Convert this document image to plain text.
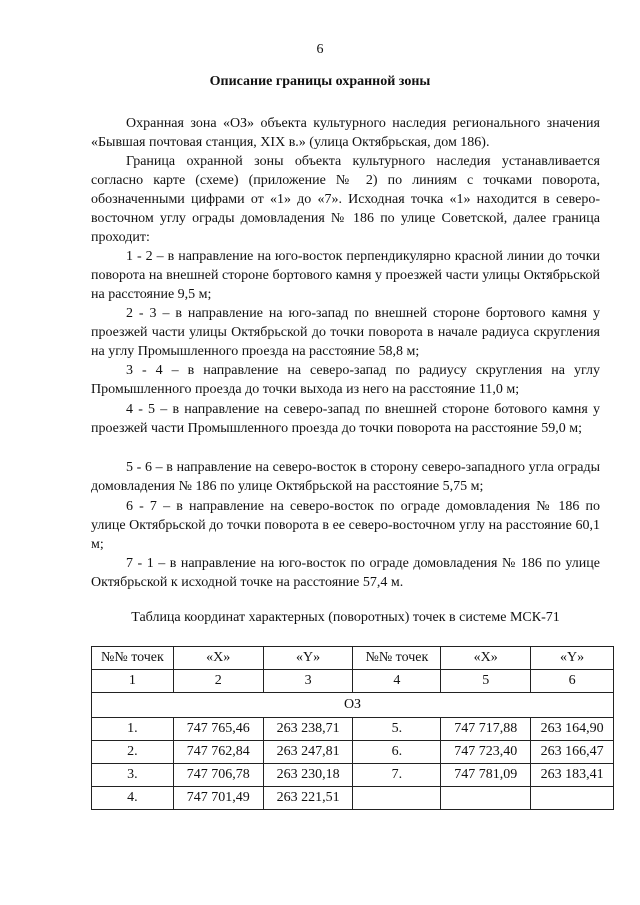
6
Описание границы охранной зоны

Охранная зона «ОЗ» объекта культурного наследия регионального значения «Бывшая почтовая станция, XIX в.» (улица Октябрьская, дом 186).

Граница охранной зоны объекта культурного наследия устанавливается согласно карте (схеме) (приложение № 2) по линиям с точками поворота, обозначенными цифрами от «1» до «7». Исходная точка «1» находится в северо-восточном углу ограды домовладения № 186 по улице Советской, далее граница проходит:

1 - 2 – в направление на юго-восток перпендикулярно красной линии до точки поворота на внешней стороне бортового камня у проезжей части улицы Октябрьской на расстояние 9,5 м;

2 - 3 – в направление на юго-запад по внешней стороне бортового камня у проезжей части улицы Октябрьской до точки поворота в начале радиуса скругления на углу Промышленного проезда на расстояние 58,8 м;

3 - 4 – в направление на северо-запад по радиусу скругления на углу Промышленного проезда до точки выхода из него на расстояние 11,0 м;

4 - 5 – в направление на северо-запад по внешней стороне ботового камня у проезжей части Промышленного проезда до точки поворота на расстояние 59,0 м;

5 - 6 – в направление на северо-восток в сторону северо-западного угла ограды домовладения № 186 по улице Октябрьской на расстояние 5,75 м;

6 - 7 – в направление на северо-восток по ограде домовладения № 186 по улице Октябрьской до точки поворота в ее северо-восточном углу на расстояние 60,1 м;

7 - 1 – в направление на юго-восток по ограде домовладения № 186 по улице Октябрьской к исходной точке на расстояние 57,4 м.

Таблица координат характерных (поворотных) точек в системе МСК-71
№№ точек	«X»	«Y»	№№ точек	«X»	«Y»
1	2	3	4	5	6
ОЗ					
1.	747 765,46	263 238,71	5.	747 717,88	263 164,90
2.	747 762,84	263 247,81	6.	747 723,40	263 166,47
3.	747 706,78	263 230,18	7.	747 781,09	263 183,41
4.	747 701,49	263 221,51			
